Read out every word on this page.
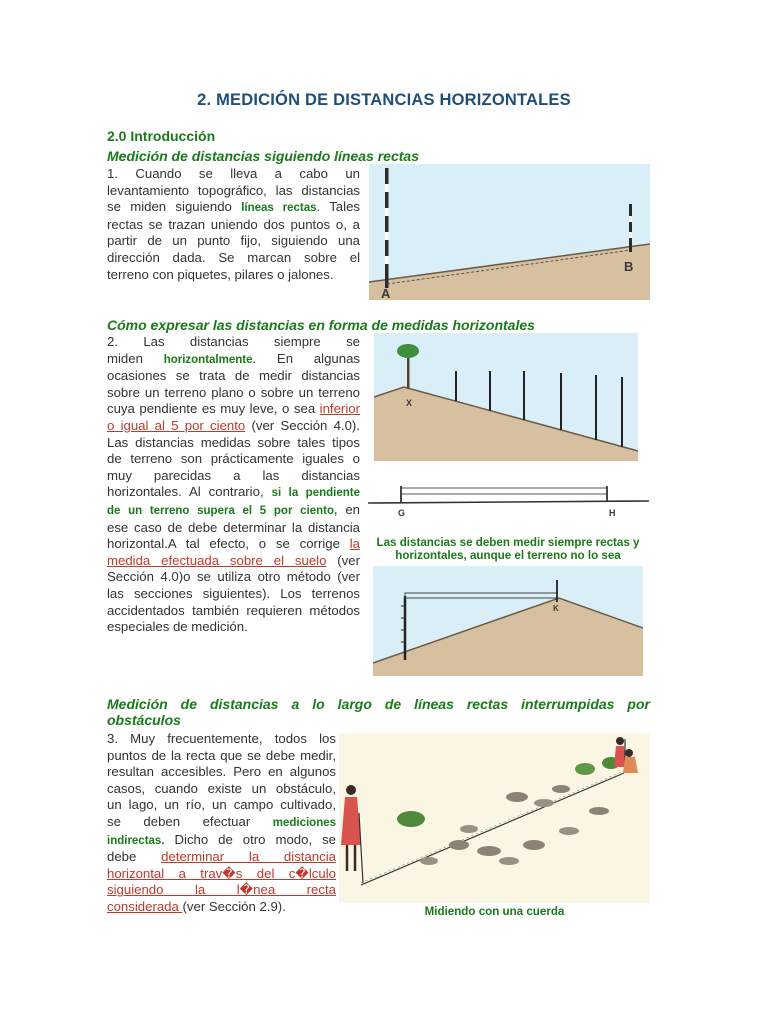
2. MEDICIÓN DE DISTANCIAS HORIZONTALES
2.0 Introducción
Medición de distancias siguiendo líneas rectas
1. Cuando se lleva a cabo un
levantamiento topográfico, las distancias
se miden siguiendo líneas rectas. Tales
rectas se trazan uniendo dos puntos o, a
partir de un punto fijo, siguiendo una
dirección dada. Se marcan sobre el
terreno con piquetes, pilares o jalones.
A
B
Cómo expresar las distancias en forma de medidas horizontales
2. Las distancias siempre se
miden horizontalmente. En algunas
ocasiones se trata de medir distancias
sobre un terreno plano o sobre un terreno
cuya pendiente es muy leve, o sea inferior
o igual al 5 por ciento (ver Sección 4.0).
Las distancias medidas sobre tales tipos
de terreno son prácticamente iguales o
muy parecidas a las distancias
horizontales. Al contrario, si la pendiente
de un terreno supera el 5 por ciento, en
ese caso de debe determinar la distancia
horizontal.A tal efecto, o se corrige la
medida efectuada sobre el suelo (ver
Sección 4.0)o se utiliza otro método (ver
las secciones siguientes). Los terrenos
accidentados también requieren métodos
especiales de medición.
X
G	H
Las distancias se deben medir siempre rectas y
horizontales, aunque el terreno no lo sea
K
Medición de distancias a lo largo de líneas rectas interrumpidas por
obstáculos
3. Muy frecuentemente, todos los
puntos de la recta que se debe medir,
resultan accesibles. Pero en algunos
casos, cuando existe un obstáculo,
un lago, un río, un campo cultivado,
se deben efectuar mediciones
indirectas. Dicho de otro modo, se
debe determinar la distancia
horizontal a trav�s del c�lculo
siguiendo la l�nea recta
considerada (ver Sección 2.9).	Midiendo con una cuerda
